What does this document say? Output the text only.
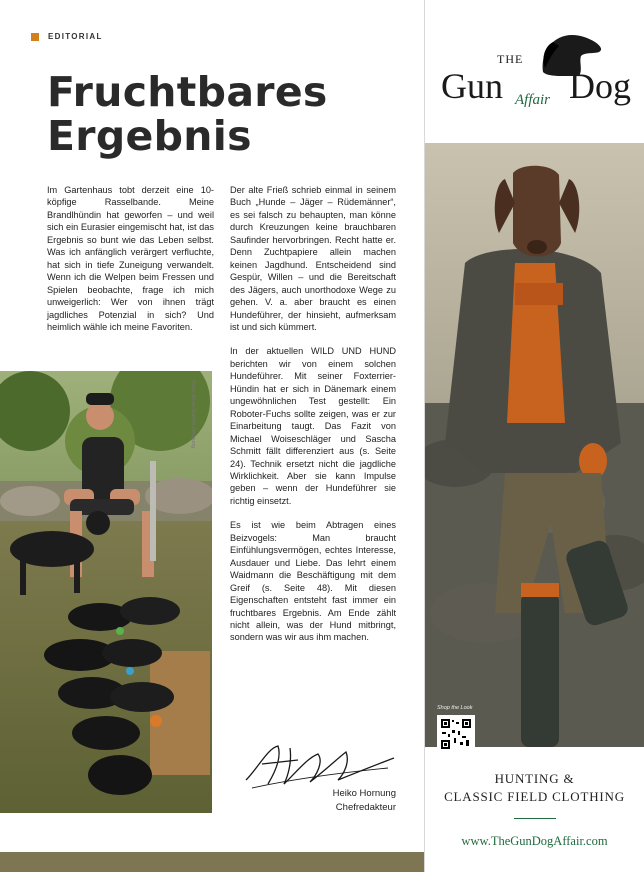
EDITORIAL
Fruchtbares
Ergebnis

Im Gartenhaus tobt derzeit eine 10-köpfige Rasselbande. Meine Brandlhündin hat geworfen – und weil sich ein Eurasier eingemischt hat, ist das Ergebnis so bunt wie das Leben selbst. Was ich anfänglich verärgert verfluchte, hat sich in tiefe Zuneigung verwandelt. Wenn ich die Welpen beim Fressen und Spielen beobachte, frage ich mich unweigerlich: Wer von ihnen trägt jagdliches Potenzial in sich? Und heimlich wähle ich meine Favoriten.

Der alte Frieß schrieb einmal in seinem Buch „Hunde – Jäger – Rüdemänner“, es sei falsch zu behaupten, man könne durch Kreuzungen keine brauchbaren Saufinder hervorbringen. Recht hatte er. Denn Zuchtpapiere allein machen keinen Jagdhund. Entscheidend sind Gespür, Willen – und die Bereitschaft des Jägers, auch unorthodoxe Wege zu gehen. V. a. aber braucht es einen Hundeführer, der hinsieht, aufmerksam ist und sich kümmert.

In der aktuellen WILD UND HUND berichten wir von einem solchen Hundeführer. Mit seiner Foxterrier-Hündin hat er sich in Dänemark einem ungewöhnlichen Test gestellt: Ein Roboter-Fuchs sollte zeigen, was er zur Einarbeitung taugt. Das Fazit von Michael Woiseschläger und Sascha Schmitt fällt differenziert aus (s. Seite 24). Technik ersetzt nicht die jagdliche Wirklichkeit. Aber sie kann Impulse geben – wenn der Hundeführer sie richtig einsetzt.

Es ist wie beim Abtragen eines Beizvogels: Man braucht Einfühlungsvermögen, echtes Interesse, Ausdauer und Liebe. Das lehrt einem Waidmann die Beschäftigung mit dem Greif (s. Seite 48). Mit diesen Eigenschaften entsteht fast immer ein fruchtbares Ergebnis. Am Ende zählt nicht allein, was der Hund mitbringt, sondern was wir aus ihm machen.

Foto: Anna-Sophie Hornung
Heiko Hornung
Chefredakteur
THE
Gun Dog
Affair
Shop the Look
HUNTING &
CLASSIC FIELD CLOTHING
www.TheGunDogAffair.com
